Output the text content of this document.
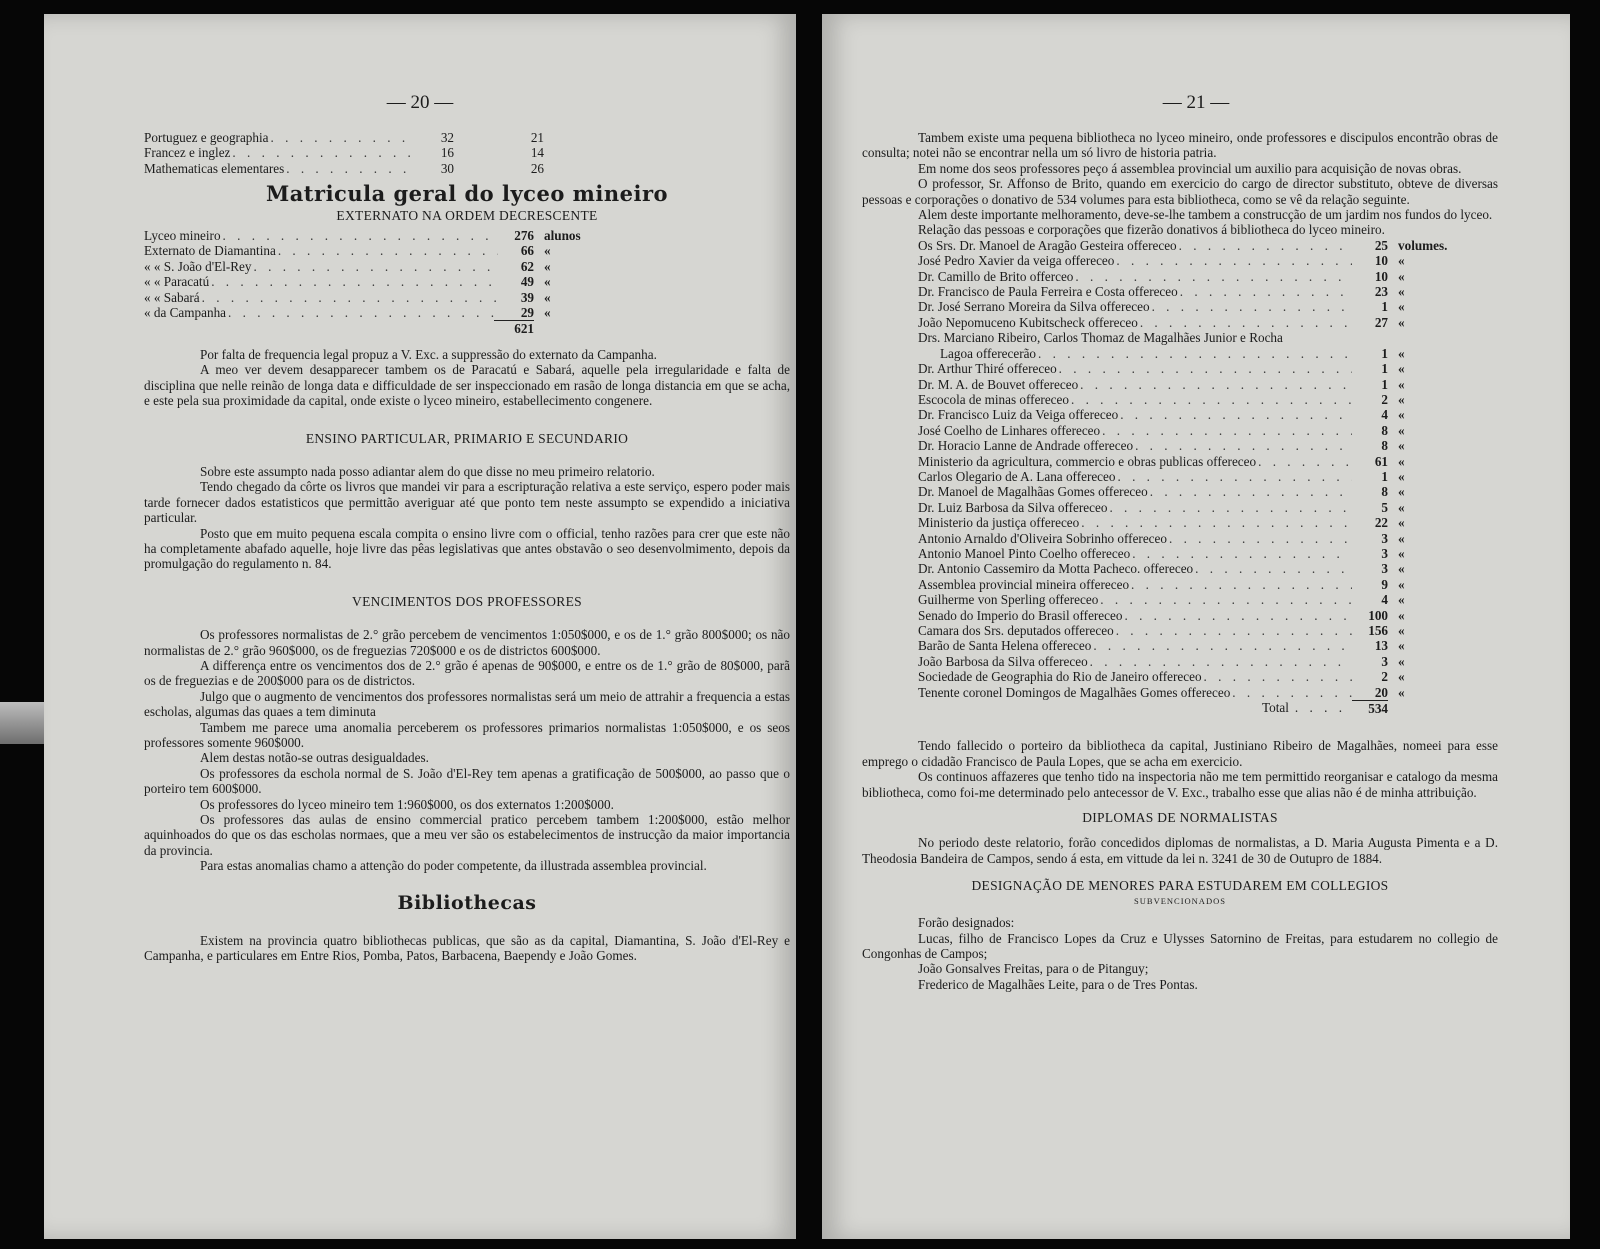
— 20 —
Portuguez e geographia . . .	32	21
Francez e inglez . . .	16	14
Mathematicas elementares . . .	30	26
Matricula geral do lyceo mineiro
EXTERNATO NA ORDEM DECRESCENTE
Lyceo mineiro . . .	276 alunos
Externato de Diamantina . . .	66 «
« « S. João d'El-Rey . . .	62 «
« « Paracatú . . .	49 «
« « Sabará . . .	39 «
« da Campanha . . .	29 «
621

Por falta de frequencia legal propuz a V. Exc. a suppressão do externato da Campanha.

A meo ver devem desapparecer tambem os de Paracatú e Sabará, aquelle pela irregularidade e falta de disciplina que nelle reinão de longa data e difficuldade de ser inspeccionado em rasão de longa distancia em que se acha, e este pela sua proximidade da capital, onde existe o lyceo mineiro, estabellecimento congenere.

ENSINO PARTICULAR, PRIMARIO E SECUNDARIO

Sobre este assumpto nada posso adiantar alem do que disse no meu primeiro relatorio.

Tendo chegado da côrte os livros que mandei vir para a escripturação relativa a este serviço, espero poder mais tarde fornecer dados estatisticos que permittão averiguar até que ponto tem neste assumpto se expendido a iniciativa particular.

Posto que em muito pequena escala compita o ensino livre com o official, tenho razões para crer que este não ha completamente abafado aquelle, hoje livre das pêas legislativas que antes obstavão o seo desenvolmimento, depois da promulgação do regulamento n. 84.

VENCIMENTOS DOS PROFESSORES

Os professores normalistas de 2.° grão percebem de vencimentos 1:050$000, e os de 1.° grão 800$000; os não normalistas de 2.° grão 960$000, os de freguezias 720$000 e os de districtos 600$000.

A differença entre os vencimentos dos de 2.° grão é apenas de 90$000, e entre os de 1.° grão de 80$000, parã os de freguezias e de 200$000 para os de districtos.

Julgo que o augmento de vencimentos dos professores normalistas será um meio de attrahir a frequencia a estas escholas, algumas das quaes a tem diminuta

Tambem me parece uma anomalia perceberem os professores primarios normalistas 1:050$000, e os seos professores somente 960$000.

Alem destas notão-se outras desigualdades.

Os professores da eschola normal de S. João d'El-Rey tem apenas a gratificação de 500$000, ao passo que o porteiro tem 600$000.

Os professores do lyceo mineiro tem 1:960$000, os dos externatos 1:200$000.

Os professores das aulas de ensino commercial pratico percebem tambem 1:200$000, estão melhor aquinhoados do que os das escholas normaes, que a meu ver são os estabelecimentos de instrucção da maior importancia da provincia.

Para estas anomalias chamo a attenção do poder competente, da illustrada assemblea provincial.

Bibliothecas

Existem na provincia quatro bibliothecas publicas, que são as da capital, Diamantina, S. João d'El-Rey e Campanha, e particulares em Entre Rios, Pomba, Patos, Barbacena, Baependy e João Gomes.

— 21 —

Tambem existe uma pequena bibliotheca no lyceo mineiro, onde professores e discipulos encontrão obras de consulta; notei não se encontrar nella um só livro de historia patria.

Em nome dos seos professores peço á assemblea provincial um auxilio para acquisição de novas obras.

O professor, Sr. Affonso de Brito, quando em exercicio do cargo de director substituto, obteve de diversas pessoas e corporações o donativo de 534 volumes para esta bibliotheca, como se vê da relação seguinte.

Alem deste importante melhoramento, deve-se-lhe tambem a construcção de um jardim nos fundos do lyceo.

Relação das pessoas e corporações que fizerão donativos á bibliotheca do lyceo mineiro.

Os Srs. Dr. Manoel de Aragão Gesteira offereceo . . .	25 volumes.
José Pedro Xavier da veiga offereceo . . .	10 «
Dr. Camillo de Brito offerceo . . .	10 «
Dr. Francisco de Paula Ferreira e Costa offereceo . . .	23 «
Dr. José Serrano Moreira da Silva offereceo . . .	1 «
João Nepomuceno Kubitscheck offereceo . . .	27 «
Drs. Marciano Ribeiro, Carlos Thomaz de Magalhães Junior e Rocha
Lagoa offerecerão . . .	1 «
Dr. Arthur Thiré offereceo . . .	1 «
Dr. M. A. de Bouvet offereceo . . .	1 «
Escocola de minas offereceo . . .	2 «
Dr. Francisco Luiz da Veiga offereceo . . .	4 «
José Coelho de Linhares offereceo . . .	8 «
Dr. Horacio Lanne de Andrade offereceo . . .	8 «
Ministerio da agricultura, commercio e obras publicas offereceo . . .	61 «
Carlos Olegario de A. Lana offereceo . . .	1 «
Dr. Manoel de Magalhãas Gomes offereceo . . .	8 «
Dr. Luiz Barbosa da Silva offereceo . . .	5 «
Ministerio da justiça offereceo . . .	22 «
Antonio Arnaldo d'Oliveira Sobrinho offereceo . . .	3 «
Antonio Manoel Pinto Coelho offereceo . . .	3 «
Dr. Antonio Cassemiro da Motta Pacheco. offereceo . . .	3 «
Assemblea provincial mineira offereceo . . .	9 «
Guilherme von Sperling offereceo . . .	4 «
Senado do Imperio do Brasil offereceo . . .	100 «
Camara dos Srs. deputados offereceo . . .	156 «
Barão de Santa Helena offereceo . . .	13 «
João Barbosa da Silva offereceo . . .	3 «
Sociedade de Geographia do Rio de Janeiro offereceo . . .	2 «
Tenente coronel Domingos de Magalhães Gomes offereceo . . .	20 «
Total . . . .	534

Tendo fallecido o porteiro da bibliotheca da capital, Justiniano Ribeiro de Magalhães, nomeei para esse emprego o cidadão Francisco de Paula Lopes, que se acha em exercicio.

Os continuos affazeres que tenho tido na inspectoria não me tem permittido reorganisar e catalogo da mesma bibliotheca, como foi-me determinado pelo antecessor de V. Exc., trabalho esse que alias não é de minha attribuição.

DIPLOMAS DE NORMALISTAS

No periodo deste relatorio, forão concedidos diplomas de normalistas, a D. Maria Augusta Pimenta e a D. Theodosia Bandeira de Campos, sendo á esta, em vittude da lei n. 3241 de 30 de Outupro de 1884.

DESIGNAÇÃO DE MENORES PARA ESTUDAREM EM COLLEGIOS
SUBVENCIONADOS

Forão designados:

Lucas, filho de Francisco Lopes da Cruz e Ulysses Satornino de Freitas, para estudarem no collegio de Congonhas de Campos;

João Gonsalves Freitas, para o de Pitanguy;

Frederico de Magalhães Leite, para o de Tres Pontas.
